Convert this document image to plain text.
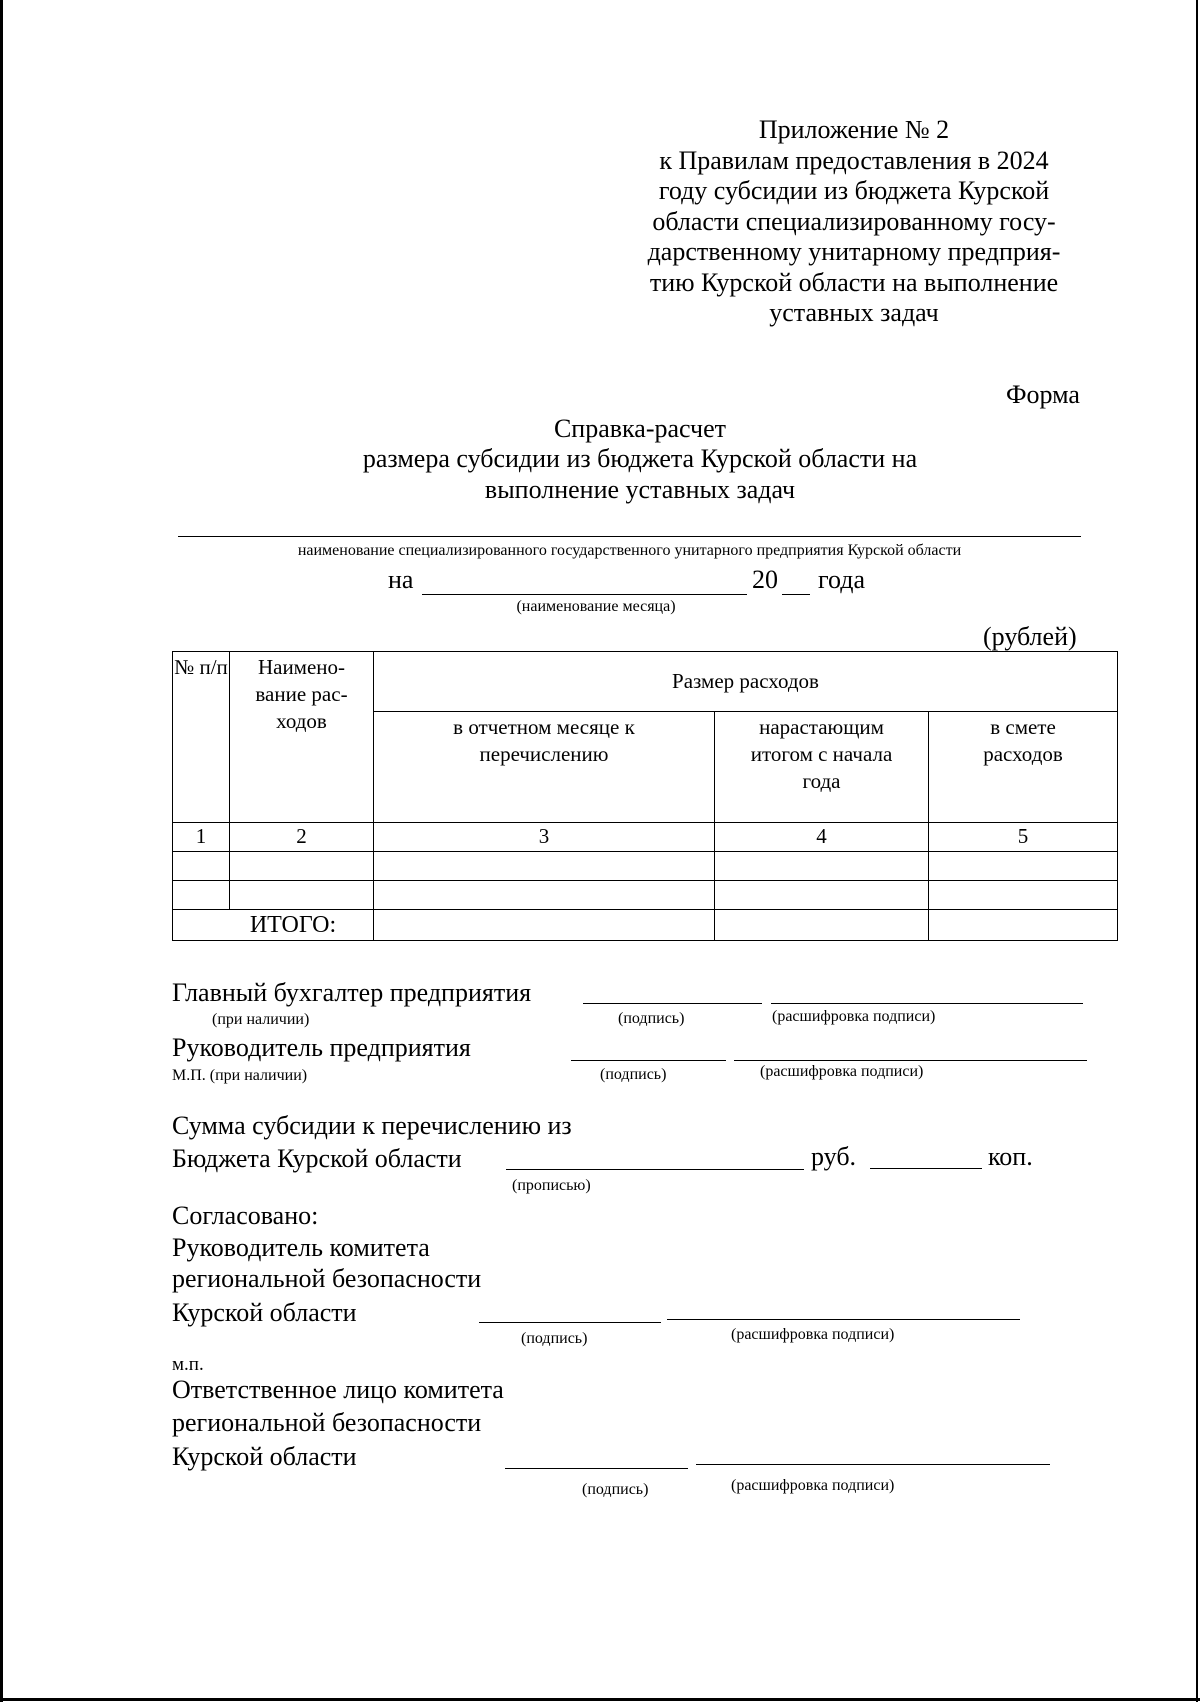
Приложение № 2
к Правилам предоставления в 2024
году субсидии из бюджета Курской
области специализированному госу-
дарственному унитарному предприя-
тию Курской области на выполнение
уставных задач
Форма
Справка-расчет
размера субсидии из бюджета Курской области на
выполнение уставных задач
наименование специализированного государственного унитарного предприятия Курской области
на	20 года
(наименование месяца)
(рублей)
№ п/п	Наимено- вание рас- ходов	Размер расходов		
		в отчетном месяце к перечислению	нарастающим итогом с начала года	в смете расходов
1	2	3	4	5

ИТОГО:				
Главный бухгалтер предприятия
(при наличии)	(подпись)	(расшифровка подписи)
Руководитель предприятия
М.П. (при наличии)	(подпись)	(расшифровка подписи)
Сумма субсидии к перечислению из
Бюджета Курской области	руб.	коп.
(прописью)
Согласовано:
Руководитель комитета
региональной безопасности
Курской области
(подпись)	(расшифровка подписи)
м.п.
Ответственное лицо комитета
региональной безопасности
Курской области
(подпись)	(расшифровка подписи)
